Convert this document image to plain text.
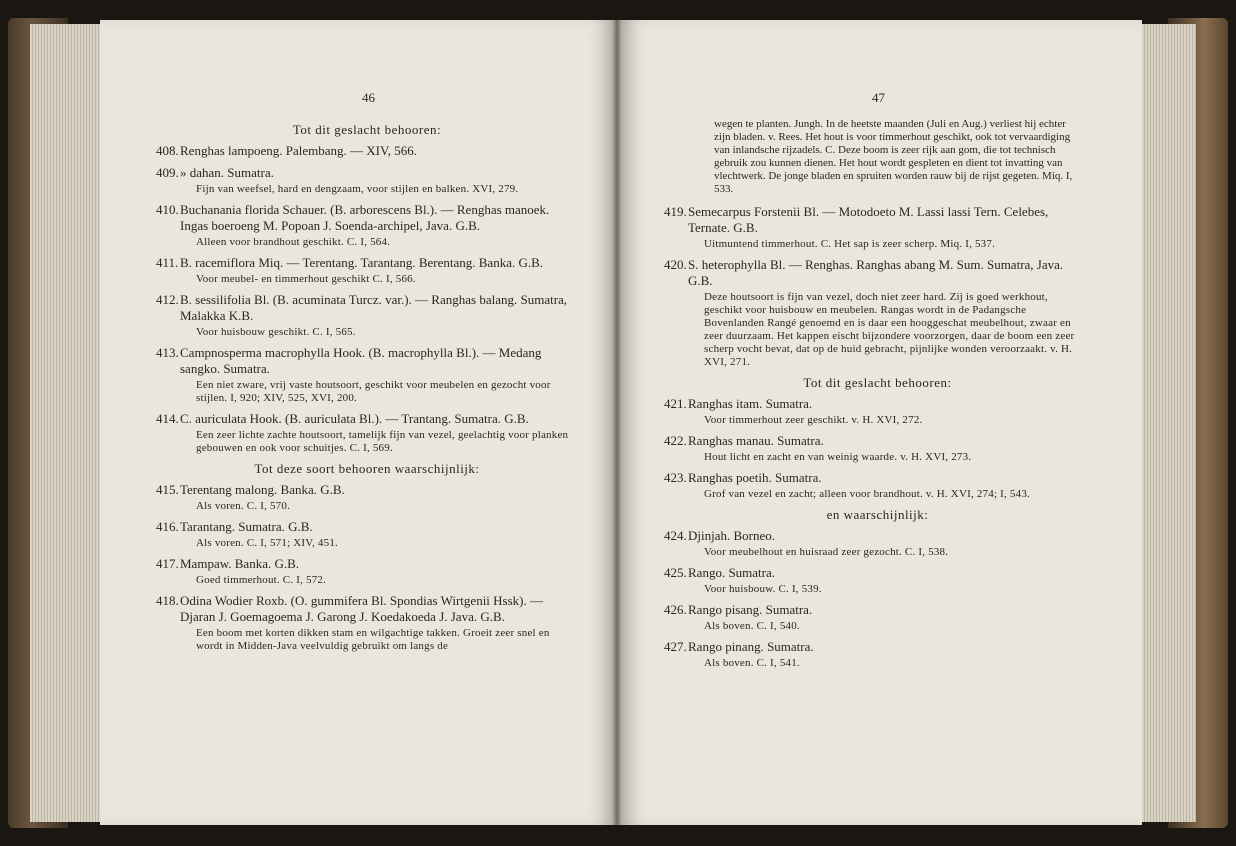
46	47
Tot dit geslacht behooren:
408. Renghas lampoeng. Palembang. — XIV, 566.
409. » dahan. Sumatra.
Fijn van weefsel, hard en dengzaam, voor stijlen en balken. XVI, 279.
410. Buchanania florida Schauer. (B. arborescens Bl.). — Renghas manoek. Ingas boeroeng M. Popoan J. Soenda-archipel, Java. G.B.
Alleen voor brandhout geschikt. C. I, 564.
411. B. racemiflora Miq. — Terentang. Tarantang. Berentang. Banka. G.B.
Voor meubel- en timmerhout geschikt C. I, 566.
412. B. sessilifolia Bl. (B. acuminata Turcz. var.). — Ranghas balang. Sumatra, Malakka K.B.
Voor huisbouw geschikt. C. I, 565.
413. Campnosperma macrophylla Hook. (B. macrophylla Bl.). — Medang sangko. Sumatra.
Een niet zware, vrij vaste houtsoort, geschikt voor meubelen en gezocht voor stijlen. I, 920; XIV, 525, XVI, 200.
414. C. auriculata Hook. (B. auriculata Bl.). — Trantang. Sumatra. G.B.
Een zeer lichte zachte houtsoort, tamelijk fijn van vezel, geelachtig voor planken gebouwen en ook voor schuitjes. C. I, 569.
Tot deze soort behooren waarschijnlijk:
415. Terentang malong. Banka. G.B.
Als voren. C. I, 570.
416. Tarantang. Sumatra. G.B.
Als voren. C. I, 571; XIV, 451.
417. Mampaw. Banka. G.B.
Goed timmerhout. C. I, 572.
418. Odina Wodier Roxb. (O. gummifera Bl. Spondias Wirtgenii Hssk). — Djaran J. Goemagoema J. Garong J. Koedakoeda J. Java. G.B.
Een boom met korten dikken stam en wilgachtige takken. Groeit zeer snel en wordt in Midden-Java veelvuldig gebruikt om langs de
wegen te planten. Jungh. In de heetste maanden (Juli en Aug.) verliest hij echter zijn bladen. v. Rees. Het hout is voor timmerhout geschikt, ook tot vervaardiging van inlandsche rijzadels. C. Deze boom is zeer rijk aan gom, die tot technisch gebruik zou kunnen dienen. Het hout wordt gespleten en dient tot invatting van vlechtwerk. De jonge bladen en spruiten worden rauw bij de rijst gegeten. Miq. I, 533.
419. Semecarpus Forstenii Bl. — Motodoeto M. Lassi lassi Tern. Celebes, Ternate. G.B.
Uitmuntend timmerhout. C. Het sap is zeer scherp. Miq. I, 537.
420. S. heterophylla Bl. — Renghas. Ranghas abang M. Sum. Sumatra, Java. G.B.
Deze houtsoort is fijn van vezel, doch niet zeer hard. Zij is goed werkhout, geschikt voor huisbouw en meubelen. Rangas wordt in de Padangsche Bovenlanden Rangé genoemd en is daar een hooggeschat meubelhout, zwaar en zeer duurzaam. Het kappen eischt bijzondere voorzorgen, daar de boom een zeer scherp vocht bevat, dat op de huid gebracht, pijnlijke wonden veroorzaakt. v. H. XVI, 271.
Tot dit geslacht behooren:
421. Ranghas itam. Sumatra.
Voor timmerhout zeer geschikt. v. H. XVI, 272.
422. Ranghas manau. Sumatra.
Hout licht en zacht en van weinig waarde. v. H. XVI, 273.
423. Ranghas poetih. Sumatra.
Grof van vezel en zacht; alleen voor brandhout. v. H. XVI, 274; I, 543.
en waarschijnlijk:
424. Djinjah. Borneo.
Voor meubelhout en huisraad zeer gezocht. C. I, 538.
425. Rango. Sumatra.
Voor huisbouw. C. I, 539.
426. Rango pisang. Sumatra.
Als boven. C. I, 540.
427. Rango pinang. Sumatra.
Als boven. C. I, 541.
